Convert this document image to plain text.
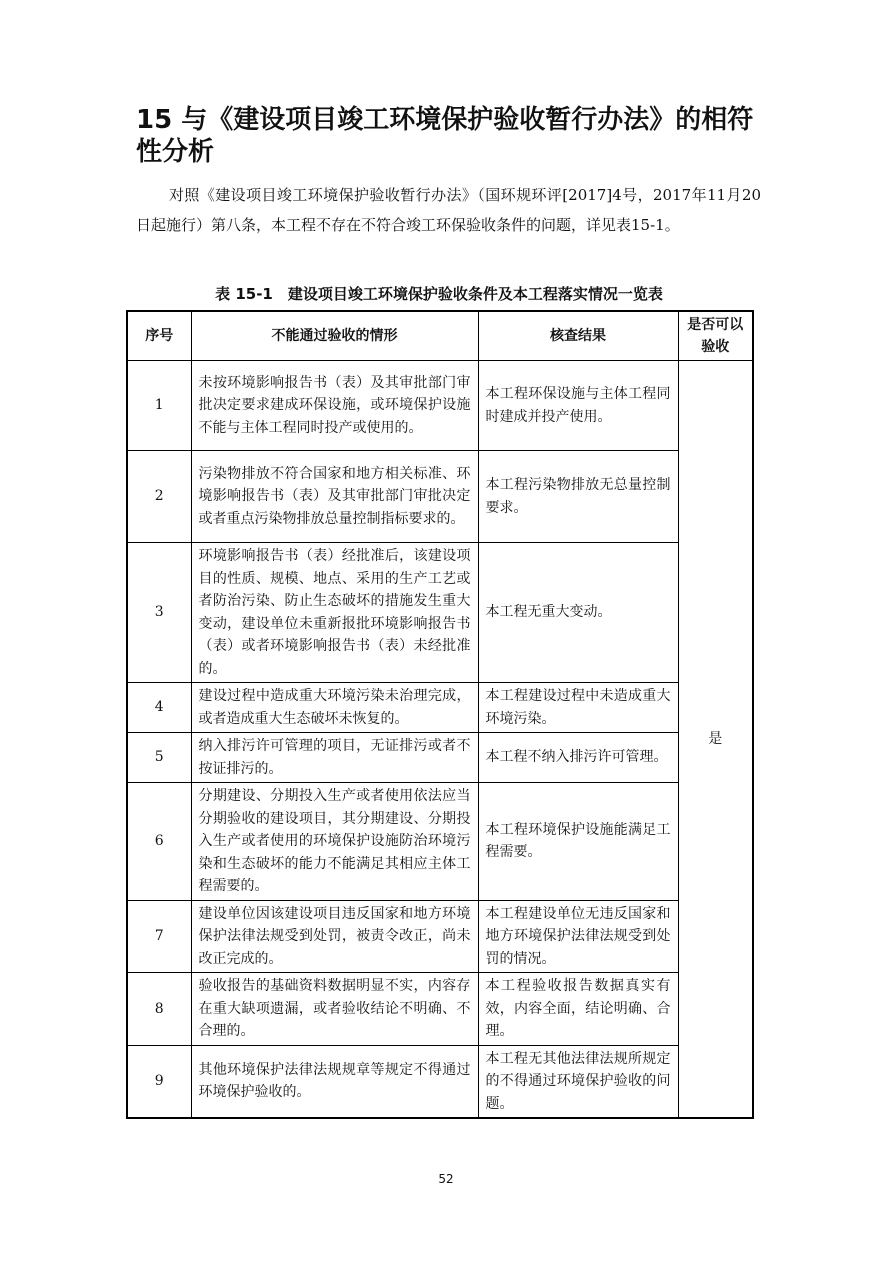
15 与《建设项目竣工环境保护验收暂行办法》的相符性分析

对照《建设项目竣工环境保护验收暂行办法》（国环规环评[2017]4号，2017年11月20日起施行）第八条，本工程不存在不符合竣工环保验收条件的问题，详见表15-1。

表 15-1　建设项目竣工环境保护验收条件及本工程落实情况一览表
序号	不能通过验收的情形	核查结果	是否可以验收
1	未按环境影响报告书（表）及其审批部门审批决定要求建成环保设施，或环境保护设施不能与主体工程同时投产或使用的。	本工程环保设施与主体工程同时建成并投产使用。	是
2	污染物排放不符合国家和地方相关标准、环境影响报告书（表）及其审批部门审批决定或者重点污染物排放总量控制指标要求的。	本工程污染物排放无总量控制要求。	
3	环境影响报告书（表）经批准后，该建设项目的性质、规模、地点、采用的生产工艺或者防治污染、防止生态破坏的措施发生重大变动，建设单位未重新报批环境影响报告书（表）或者环境影响报告书（表）未经批准的。	本工程无重大变动。	
4	建设过程中造成重大环境污染未治理完成，或者造成重大生态破坏未恢复的。	本工程建设过程中未造成重大环境污染。	
5	纳入排污许可管理的项目，无证排污或者不按证排污的。	本工程不纳入排污许可管理。	
6	分期建设、分期投入生产或者使用依法应当分期验收的建设项目，其分期建设、分期投入生产或者使用的环境保护设施防治环境污染和生态破坏的能力不能满足其相应主体工程需要的。	本工程环境保护设施能满足工程需要。	
7	建设单位因该建设项目违反国家和地方环境保护法律法规受到处罚，被责令改正，尚未改正完成的。	本工程建设单位无违反国家和地方环境保护法律法规受到处罚的情况。	
8	验收报告的基础资料数据明显不实，内容存在重大缺项遗漏，或者验收结论不明确、不合理的。	本工程验收报告数据真实有效，内容全面，结论明确、合理。	
9	其他环境保护法律法规规章等规定不得通过环境保护验收的。	本工程无其他法律法规所规定的不得通过环境保护验收的问题。	
52
